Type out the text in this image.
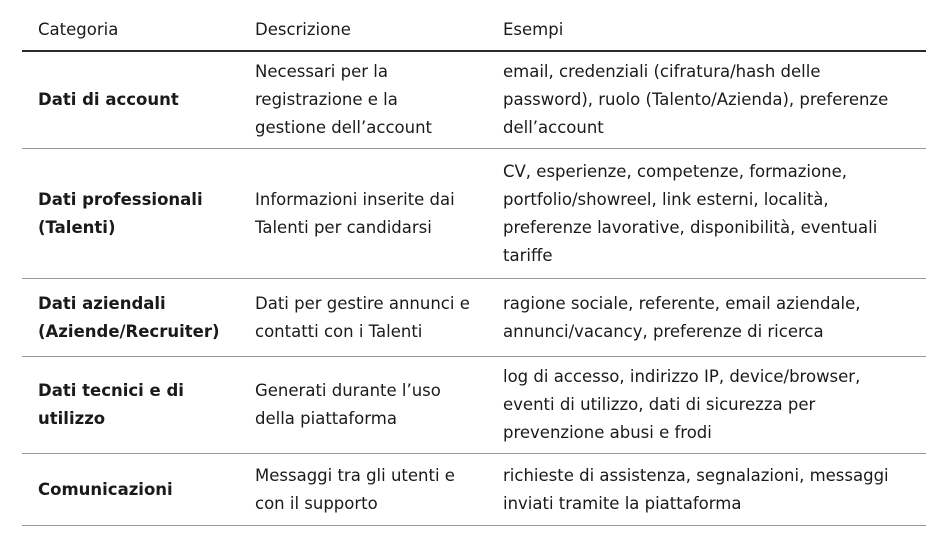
Categoria	Descrizione	Esempi
Dati di account	Necessari per la registrazione e la gestione dell’account	email, credenziali (cifratura/hash delle password), ruolo (Talento/Azienda), preferenze dell’account
Dati professionali (Talenti)	Informazioni inserite dai Talenti per candidarsi	CV, esperienze, competenze, formazione, portfolio/showreel, link esterni, località, preferenze lavorative, disponibilità, eventuali tariffe
Dati aziendali (Aziende/Recruiter)	Dati per gestire annunci e contatti con i Talenti	ragione sociale, referente, email aziendale, annunci/vacancy, preferenze di ricerca
Dati tecnici e di utilizzo	Generati durante l’uso della piattaforma	log di accesso, indirizzo IP, device/browser, eventi di utilizzo, dati di sicurezza per prevenzione abusi e frodi
Comunicazioni	Messaggi tra gli utenti e con il supporto	richieste di assistenza, segnalazioni, messaggi inviati tramite la piattaforma
